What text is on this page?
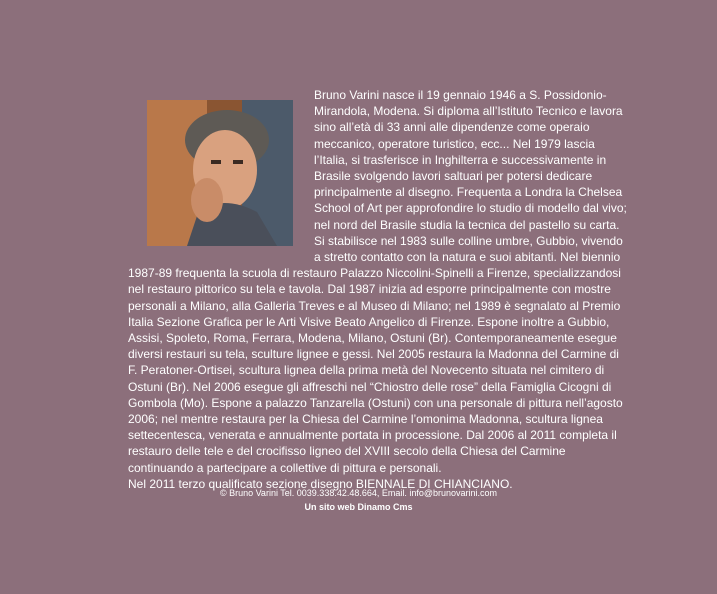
Bruno Varini nasce il 19 gennaio 1946 a S. Possidonio-Mirandola, Modena. Si diploma all’Istituto Tecnico e lavora sino all’età di 33 anni alle dipendenze come operaio meccanico, operatore turistico, ecc... Nel 1979 lascia l’Italia, si trasferisce in Inghilterra e successivamente in Brasile svolgendo lavori saltuari per potersi dedicare principalmente al disegno. Frequenta a Londra la Chelsea School of Art per approfondire lo studio di modello dal vivo; nel nord del Brasile studia la tecnica del pastello su carta. Si stabilisce nel 1983 sulle colline umbre, Gubbio, vivendo a stretto contatto con la natura e suoi abitanti. Nel biennio 1987-89 frequenta la scuola di restauro Palazzo Niccolini-Spinelli a Firenze, specializzandosi nel restauro pittorico su tela e tavola. Dal 1987 inizia ad esporre principalmente con mostre personali a Milano, alla Galleria Treves e al Museo di Milano; nel 1989 è segnalato al Premio Italia Sezione Grafica per le Arti Visive Beato Angelico di Firenze. Espone inoltre a Gubbio, Assisi, Spoleto, Roma, Ferrara, Modena, Milano, Ostuni (Br). Contemporaneamente esegue diversi restauri su tela, sculture lignee e gessi. Nel 2005 restaura la Madonna del Carmine di F. Peratoner-Ortisei, scultura lignea della prima metà del Novecento situata nel cimitero di Ostuni (Br). Nel 2006 esegue gli affreschi nel “Chiostro delle rose” della Famiglia Cicogni di Gombola (Mo). Espone a palazzo Tanzarella (Ostuni) con una personale di pittura nell’agosto 2006; nel mentre restaura per la Chiesa del Carmine l’omonima Madonna, scultura lignea settecentesca, venerata e annualmente portata in processione. Dal 2006 al 2011 completa il restauro delle tele e del crocifisso ligneo del XVIII secolo della Chiesa del Carmine continuando a partecipare a collettive di pittura e personali.

Nel 2011 terzo qualificato sezione disegno BIENNALE DI CHIANCIANO.

© Bruno Varini Tel. 0039.338.42.48.664, Email. info@brunovarini.com
Un sito web Dinamo Cms
